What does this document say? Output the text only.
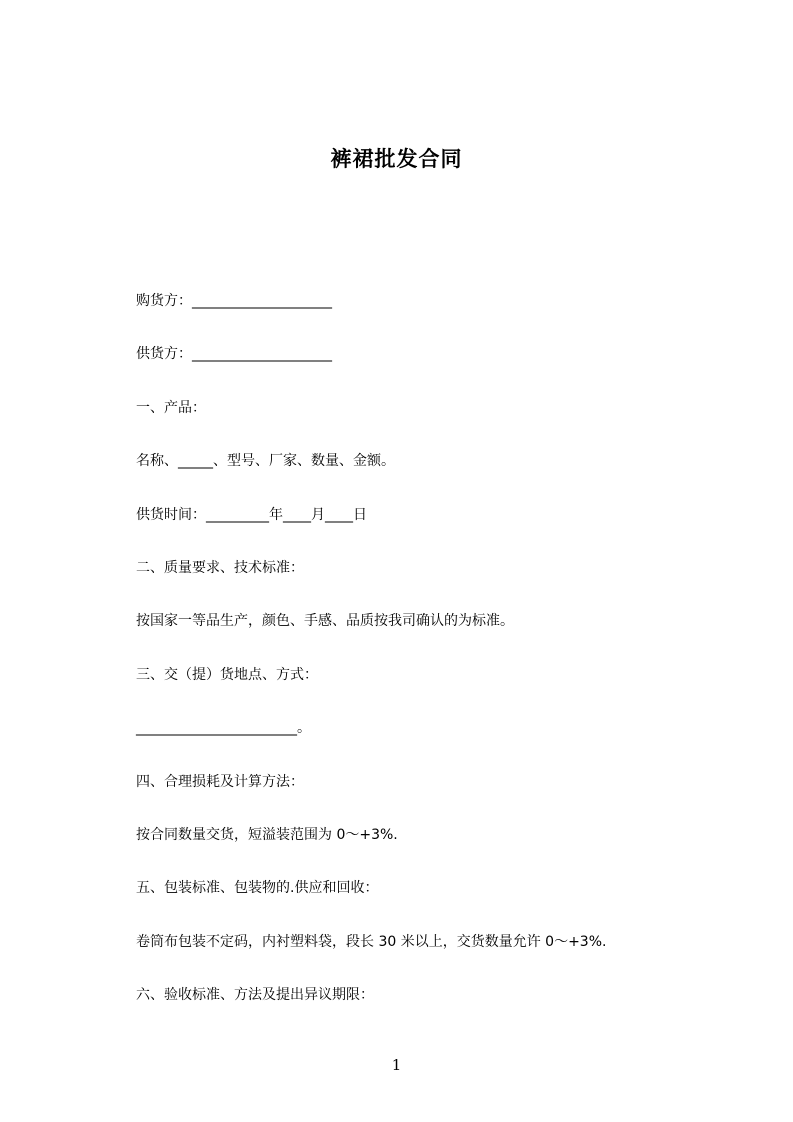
裤裙批发合同
购货方：____________________
供货方：____________________
一、产品：
名称、_____、型号、厂家、数量、金额。
供货时间：_________年____月____日
二、质量要求、技术标准：
按国家一等品生产，颜色、手感、品质按我司确认的为标准。
三、交（提）货地点、方式：
_______________________。
四、合理损耗及计算方法：
按合同数量交货，短溢装范围为 0～+3%.
五、包装标准、包装物的.供应和回收：
卷筒布包装不定码，内衬塑料袋，段长 30 米以上，交货数量允许 0～+3%.
六、验收标准、方法及提出异议期限：
1
